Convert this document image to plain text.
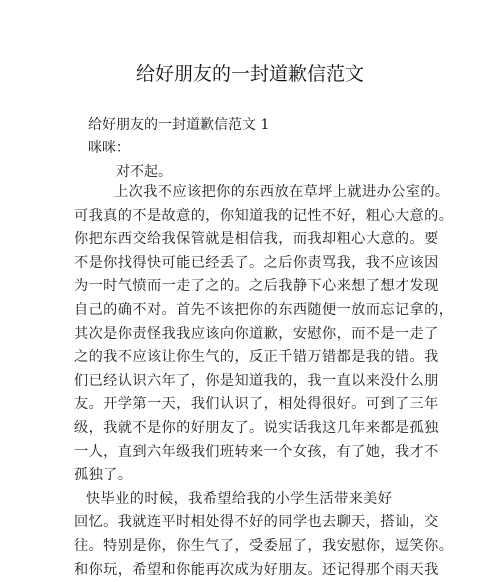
给好朋友的一封道歉信范文
给好朋友的一封道歉信范文 1
咪咪：
对不起。
上次我不应该把你的东西放在草坪上就进办公室的。
可我真的不是故意的，你知道我的记性不好，粗心大意的。
你把东西交给我保管就是相信我，而我却粗心大意的。要
不是你找得快可能已经丢了。之后你责骂我，我不应该因
为一时气愤而一走了之的。之后我静下心来想了想才发现
自己的确不对。首先不该把你的东西随便一放而忘记拿的，
其次是你责怪我我应该向你道歉，安慰你，而不是一走了
之的我不应该让你生气的，反正千错万错都是我的错。我
们已经认识六年了，你是知道我的，我一直以来没什么朋
友。开学第一天，我们认识了，相处得很好。可到了三年
级，我就不是你的好朋友了。说实话我这几年来都是孤独
一人，直到六年级我们班转来一个女孩，有了她，我才不
孤独了。
快毕业的时候，我希望给我的小学生活带来美好
回忆。我就连平时相处得不好的同学也去聊天，搭讪，交
往。特别是你，你生气了，受委屈了，我安慰你，逗笑你。
和你玩，希望和你能再次成为好朋友。还记得那个雨天我
